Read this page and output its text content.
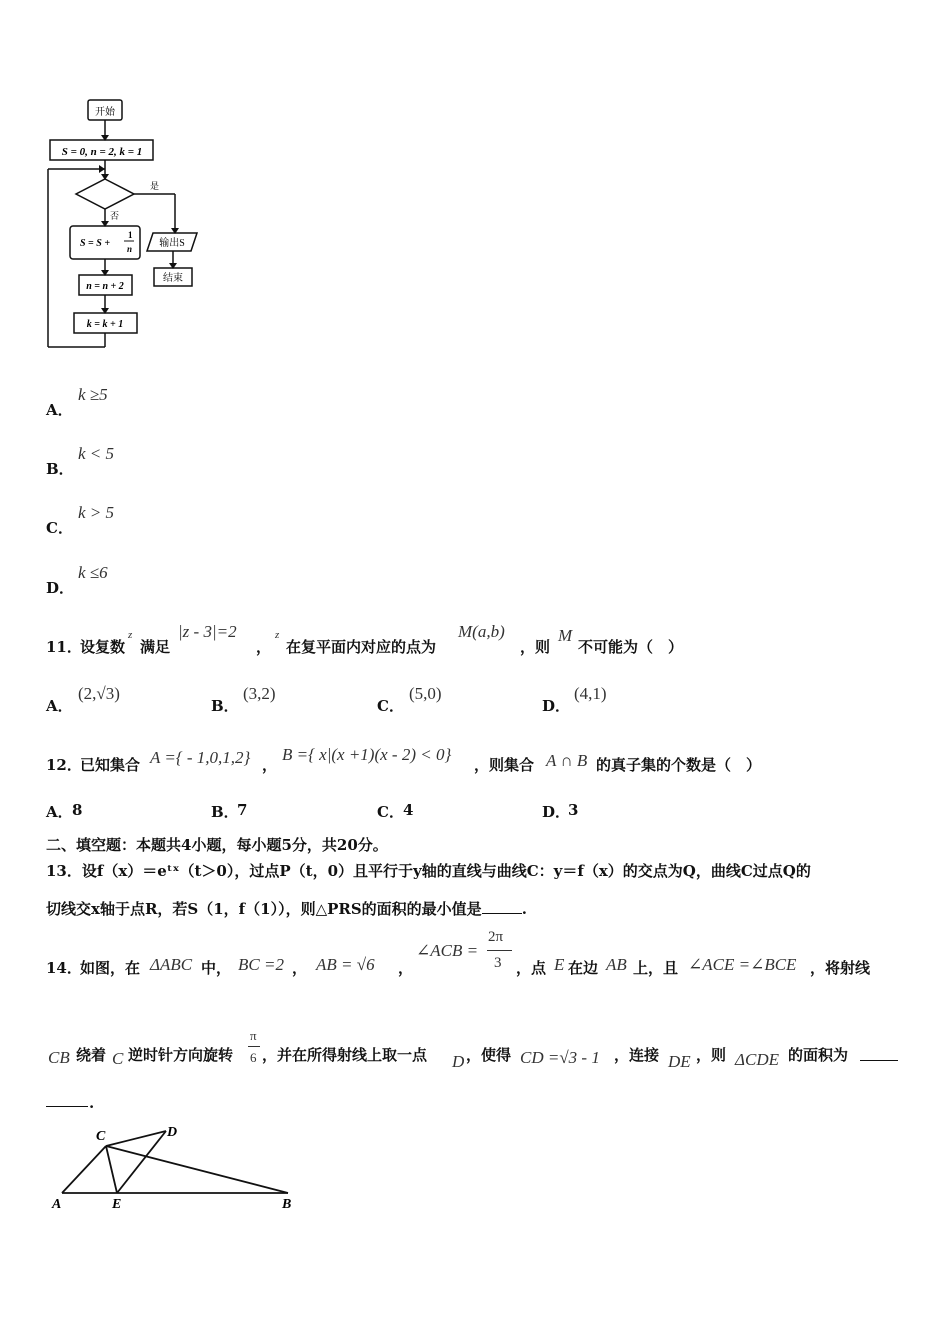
开始
S = 0, n = 2, k = 1
是
否
S = S +
1
n	输出S
结束
n = n + 2
k = k + 1
A．
k ≥5
B．
k < 5
C．
k > 5
D．
k ≤6
11．
设复数
z
满足
|z - 3|=2
，
z
在复平面内对应的点为
M(a,b)
，则
M
不可能为（　）
A．
(2,√3)
B．
(3,2)
C．
(5,0)
D．
(4,1)
12．
已知集合 A ={ - 1,0,1,2} ，
B ={ x|(x +1)(x - 2) < 0}
，则集合 A ∩ B 的真子集的个数是（　）
A． 8	B．
7	C． 4	D．
3
二、填空题：本题共4小题，每小题5分，共20分。
13．设f（x）＝eᵗˣ（t＞0），过点P（t，0）且平行于y轴的直线与曲线C：y＝f（x）的交点为Q，曲线C过点Q的
切线交x轴于点R，若S（1，f（1）），则△PRS的面积的最小值是	.
14．
如图，在 ΔABC 中， BC =2 ， AB = √6 ，
∠ACB =
2π
3 ，点 E 在边 AB 上，且 ∠ACE =∠BCE ，将射线
CB 绕着 C 逆时针方向旋转
π
6 ，并在所得射线上取一点 D ，使得 CD =√3 - 1 ，连接 DE ，则 ΔCDE 的面积为
.
A	B
C	D
E
